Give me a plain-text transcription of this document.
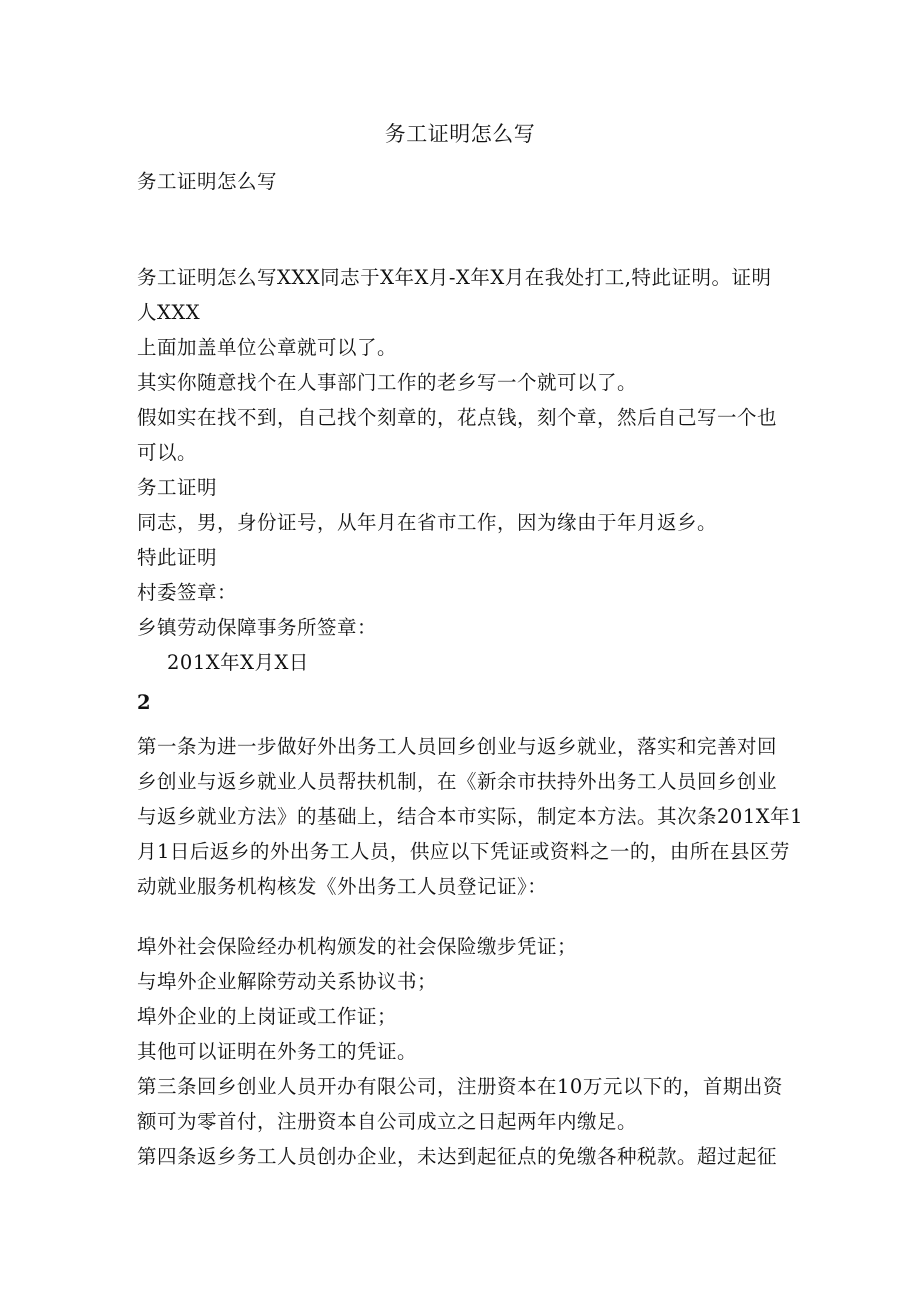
务工证明怎么写
务工证明怎么写
务工证明怎么写XXX同志于X年X月-X年X月在我处打工,特此证明。证明
人XXX
上面加盖单位公章就可以了。
其实你随意找个在人事部门工作的老乡写一个就可以了。
假如实在找不到，自己找个刻章的，花点钱，刻个章，然后自己写一个也
可以。
务工证明
同志，男，身份证号，从年月在省市工作，因为缘由于年月返乡。
特此证明
村委签章：
乡镇劳动保障事务所签章：
201X年X月X日
2
第一条为进一步做好外出务工人员回乡创业与返乡就业，落实和完善对回
乡创业与返乡就业人员帮扶机制，在《新余市扶持外出务工人员回乡创业
与返乡就业方法》的基础上，结合本市实际，制定本方法。其次条201X年1
月1日后返乡的外出务工人员，供应以下凭证或资料之一的，由所在县区劳
动就业服务机构核发《外出务工人员登记证》：
埠外社会保险经办机构颁发的社会保险缴步凭证；
与埠外企业解除劳动关系协议书；
埠外企业的上岗证或工作证；
其他可以证明在外务工的凭证。
第三条回乡创业人员开办有限公司，注册资本在10万元以下的，首期出资
额可为零首付，注册资本自公司成立之日起两年内缴足。
第四条返乡务工人员创办企业，未达到起征点的免缴各种税款。超过起征
